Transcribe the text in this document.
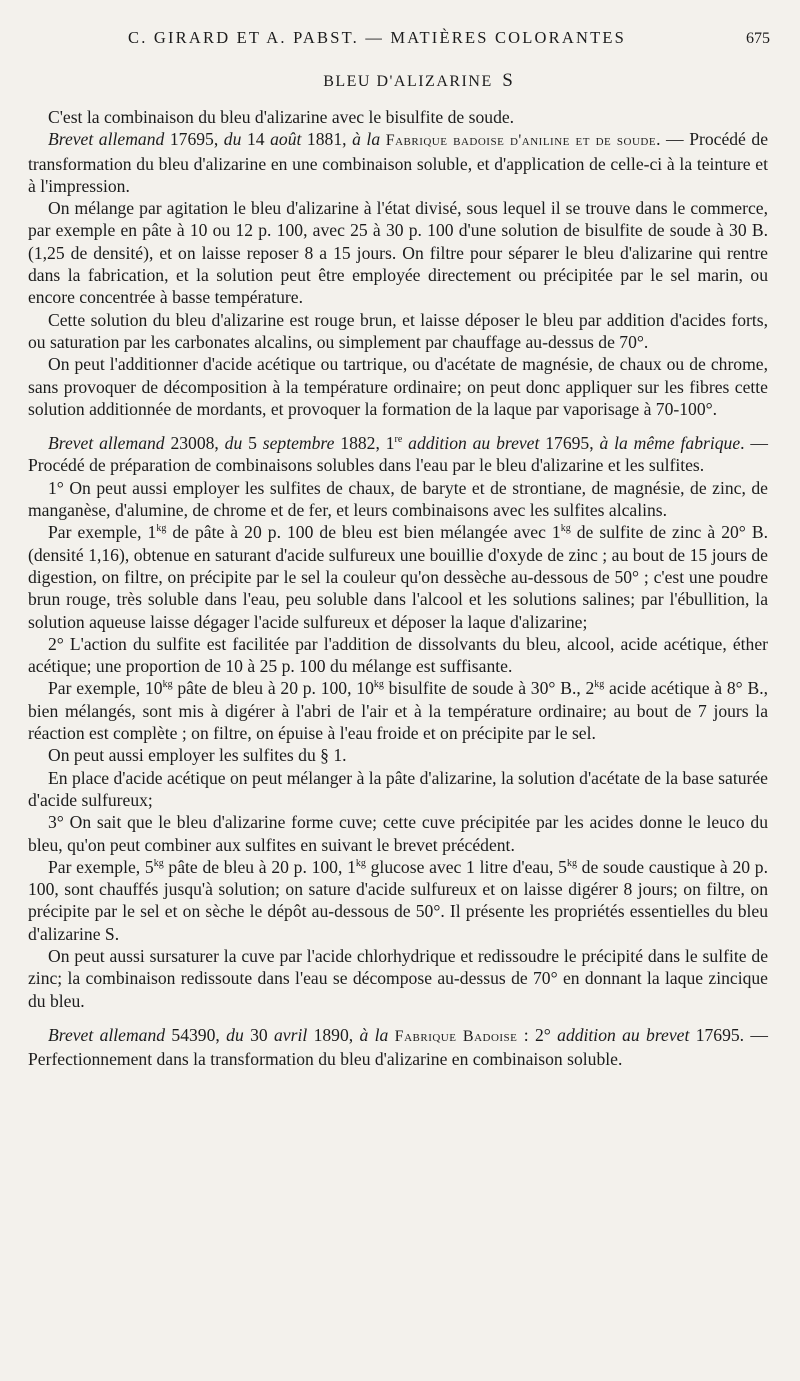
C. GIRARD ET A. PABST. — MATIÈRES COLORANTES	675
BLEU D'ALIZARINE S

C'est la combinaison du bleu d'alizarine avec le bisulfite de soude.

Brevet allemand 17695, du 14 août 1881, à la Fabrique badoise d'aniline et de soude. — Procédé de transformation du bleu d'alizarine en une combinaison soluble, et d'application de celle-ci à la teinture et à l'impression.

On mélange par agitation le bleu d'alizarine à l'état divisé, sous lequel il se trouve dans le commerce, par exemple en pâte à 10 ou 12 p. 100, avec 25 à 30 p. 100 d'une solution de bisulfite de soude à 30 B. (1,25 de densité), et on laisse reposer 8 a 15 jours. On filtre pour séparer le bleu d'alizarine qui rentre dans la fabrication, et la solution peut être employée directement ou précipitée par le sel marin, ou encore concentrée à basse température.

Cette solution du bleu d'alizarine est rouge brun, et laisse déposer le bleu par addition d'acides forts, ou saturation par les carbonates alcalins, ou simplement par chauffage au-dessus de 70°.

On peut l'additionner d'acide acétique ou tartrique, ou d'acétate de magnésie, de chaux ou de chrome, sans provoquer de décomposition à la température ordinaire; on peut donc appliquer sur les fibres cette solution additionnée de mordants, et provoquer la formation de la laque par vaporisage à 70-100°.

Brevet allemand 23008, du 5 septembre 1882, 1re addition au brevet 17695, à la même fabrique. — Procédé de préparation de combinaisons solubles dans l'eau par le bleu d'alizarine et les sulfites.

1° On peut aussi employer les sulfites de chaux, de baryte et de strontiane, de magnésie, de zinc, de manganèse, d'alumine, de chrome et de fer, et leurs combinaisons avec les sulfites alcalins.

Par exemple, $1^{kg}$ de pâte à 20 p. 100 de bleu est bien mélangée avec $1^{kg}$ de sulfite de zinc à 20° B. (densité 1,16), obtenue en saturant d'acide sulfureux une bouillie d'oxyde de zinc ; au bout de 15 jours de digestion, on filtre, on précipite par le sel la couleur qu'on dessèche au-dessous de 50° ; c'est une poudre brun rouge, très soluble dans l'eau, peu soluble dans l'alcool et les solutions salines; par l'ébullition, la solution aqueuse laisse dégager l'acide sulfureux et déposer la laque d'alizarine;

2° L'action du sulfite est facilitée par l'addition de dissolvants du bleu, alcool, acide acétique, éther acétique; une proportion de 10 à 25 p. 100 du mélange est suffisante.

Par exemple, $10^{kg}$ pâte de bleu à 20 p. 100, $10^{kg}$ bisulfite de soude à 30° B., $2^{kg}$ acide acétique à 8° B., bien mélangés, sont mis à digérer à l'abri de l'air et à la température ordinaire; au bout de 7 jours la réaction est complète ; on filtre, on épuise à l'eau froide et on précipite par le sel.

On peut aussi employer les sulfites du § 1.

En place d'acide acétique on peut mélanger à la pâte d'alizarine, la solution d'acétate de la base saturée d'acide sulfureux;

3° On sait que le bleu d'alizarine forme cuve; cette cuve précipitée par les acides donne le leuco du bleu, qu'on peut combiner aux sulfites en suivant le brevet précédent.

Par exemple, $5^{kg}$ pâte de bleu à 20 p. 100, $1^{kg}$ glucose avec 1 litre d'eau, $5^{kg}$ de soude caustique à 20 p. 100, sont chauffés jusqu'à solution; on sature d'acide sulfureux et on laisse digérer 8 jours; on filtre, on précipite par le sel et on sèche le dépôt au-dessous de 50°. Il présente les propriétés essentielles du bleu d'alizarine S.

On peut aussi sursaturer la cuve par l'acide chlorhydrique et redissoudre le précipité dans le sulfite de zinc; la combinaison redissoute dans l'eau se décompose au-dessus de 70° en donnant la laque zincique du bleu.

Brevet allemand 54390, du 30 avril 1890, à la Fabrique Badoise : 2° addition au brevet 17695. — Perfectionnement dans la transformation du bleu d'alizarine en combinaison soluble.
